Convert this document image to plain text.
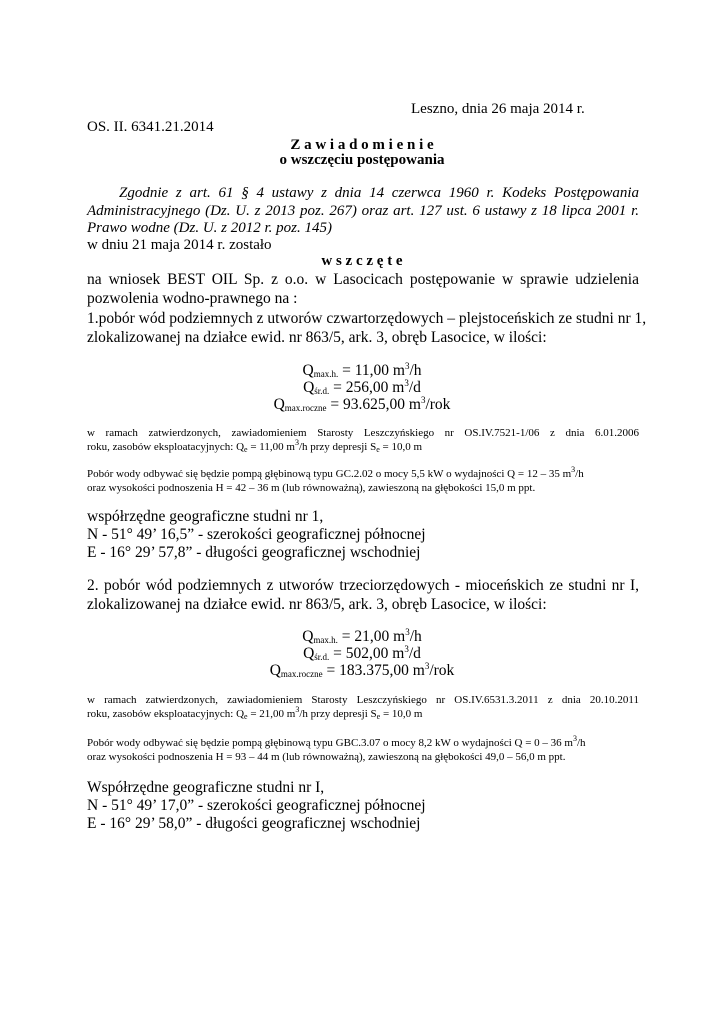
Leszno, dnia 26 maja 2014 r.
OS. II. 6341.21.2014
Z a w i a d o m i e n i e
o wszczęciu postępowania
Zgodnie z art. 61 § 4 ustawy z dnia 14 czerwca 1960 r. Kodeks Postępowania
Administracyjnego (Dz. U. z 2013 poz. 267) oraz art. 127 ust. 6 ustawy z 18 lipca 2001 r.
Prawo wodne (Dz. U. z 2012 r. poz. 145)
w dniu 21 maja 2014 r. zostało
w s z c z ę t e
na wniosek BEST OIL Sp. z o.o. w Lasocicach postępowanie w sprawie udzielenia
pozwolenia wodno-prawnego na :
1.pobór wód podziemnych z utworów czwartorzędowych – plejstoceńskich ze studni nr 1,
zlokalizowanej na działce ewid. nr 863/5, ark. 3, obręb Lasocice, w ilości:
$Q_{max.h.} = 11,00$ $m^3/h$
$Q_{śr.d.} = 256,00$ $m^3/d$
$Q_{max.roczne} = 93.625,00$ $m^3$/rok
w ramach zatwierdzonych, zawiadomieniem Starosty Leszczyńskiego nr OS.IV.7521-1/06 z dnia 6.01.2006
roku, zasobów eksploatacyjnych: Qe = 11,00 $m^3/h$ przy depresji Se = 10,0 m
Pobór wody odbywać się będzie pompą głębinową typu GC.2.02 o mocy 5,5 kW o wydajności Q = 12 – 35 $m^3/h$
oraz wysokości podnoszenia H = 42 – 36 m (lub równoważną), zawieszoną na głębokości 15,0 m ppt.
współrzędne geograficzne studni nr 1,
N - 51° 49’ 16,5” - szerokości geograficznej północnej
E - 16° 29’ 57,8” - długości geograficznej wschodniej
2. pobór wód podziemnych z utworów trzeciorzędowych - mioceńskich ze studni nr I,
zlokalizowanej na działce ewid. nr 863/5, ark. 3, obręb Lasocice, w ilości:
$Q_{max.h.} = 21,00$ $m^3/h$
$Q_{śr.d.} = 502,00$ $m^3/d$
$Q_{max.roczne} = 183.375,00$ $m^3$/rok
w ramach zatwierdzonych, zawiadomieniem Starosty Leszczyńskiego nr OS.IV.6531.3.2011 z dnia 20.10.2011
roku, zasobów eksploatacyjnych: Qe = 21,00 $m^3/h$ przy depresji Se = 10,0 m
Pobór wody odbywać się będzie pompą głębinową typu GBC.3.07 o mocy 8,2 kW o wydajności Q = 0 – 36 $m^3/h$
oraz wysokości podnoszenia H = 93 – 44 m (lub równoważną), zawieszoną na głębokości 49,0 – 56,0 m ppt.
Współrzędne geograficzne studni nr I,
N - 51° 49’ 17,0” - szerokości geograficznej północnej
E - 16° 29’ 58,0” - długości geograficznej wschodniej
